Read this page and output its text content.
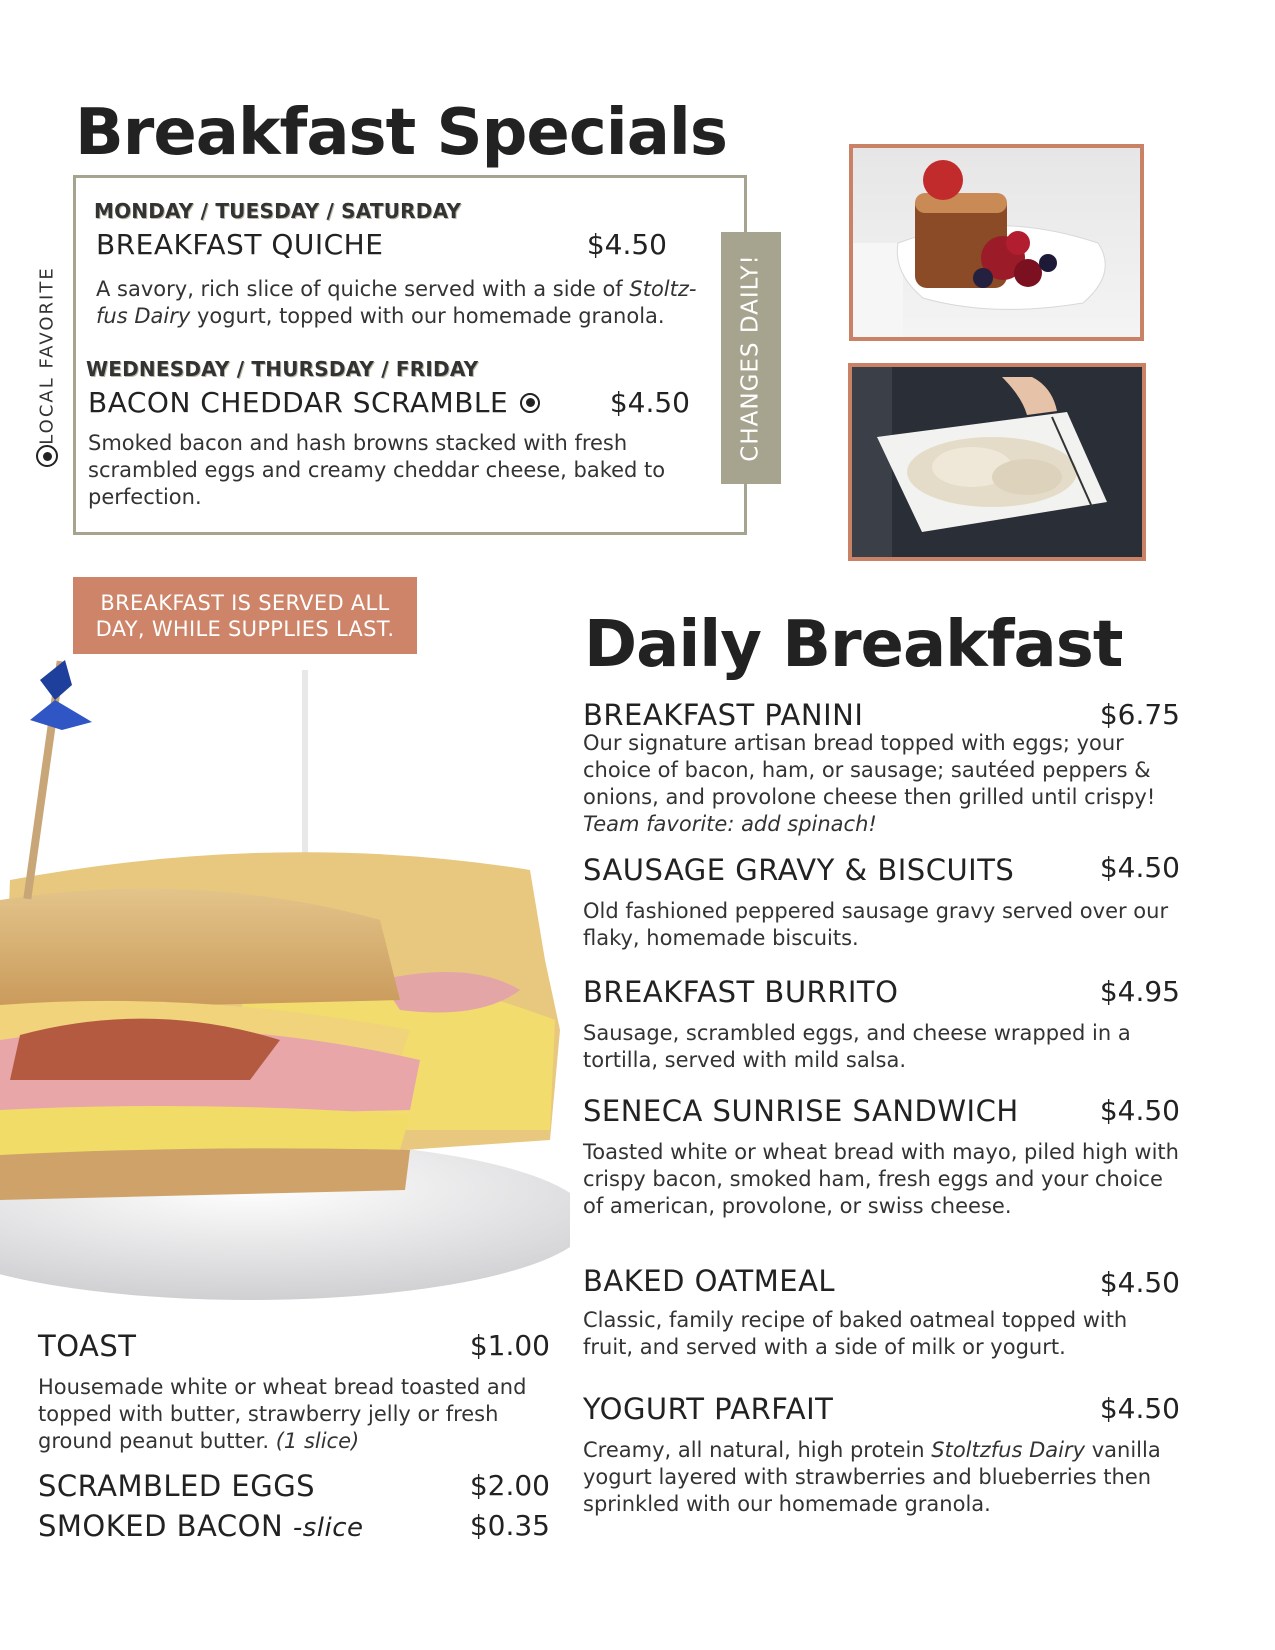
Breakfast Specials
MONDAY / TUESDAY / SATURDAY
BREAKFAST QUICHE	$4.50
A savory, rich slice of quiche served with a side of Stoltz-fus Dairy yogurt, topped with our homemade granola.
WEDNESDAY / THURSDAY / FRIDAY
BACON CHEDDAR SCRAMBLE	$4.50
Smoked bacon and hash browns stacked with fresh scrambled eggs and creamy cheddar cheese, baked to perfection.
CHANGES DAILY!
LOCAL FAVORITE
BREAKFAST IS SERVED ALL
DAY, WHILE SUPPLIES LAST.	Daily Breakfast
BREAKFAST PANINI	$6.75
Our signature artisan bread topped with eggs; your choice of bacon, ham, or sausage; sautéed peppers & onions, and provolone cheese then grilled until crispy!
Team favorite: add spinach!
SAUSAGE GRAVY & BISCUITS	$4.50
Old fashioned peppered sausage gravy served over our flaky, homemade biscuits.
BREAKFAST BURRITO	$4.95
Sausage, scrambled eggs, and cheese wrapped in a tortilla, served with mild salsa.
SENECA SUNRISE SANDWICH	$4.50
Toasted white or wheat bread with mayo, piled high with crispy bacon, smoked ham, fresh eggs and your choice of american, provolone, or swiss cheese.
BAKED OATMEAL	$4.50
Classic, family recipe of baked oatmeal topped with fruit, and served with a side of milk or yogurt.
YOGURT PARFAIT	$4.50
Creamy, all natural, high protein Stoltzfus Dairy vanilla yogurt layered with strawberries and blueberries then sprinkled with our homemade granola.
TOAST	$1.00
Housemade white or wheat bread toasted and topped with butter, strawberry jelly or fresh ground peanut butter. (1 slice)
SCRAMBLED EGGS	$2.00
SMOKED BACON -slice	$0.35
